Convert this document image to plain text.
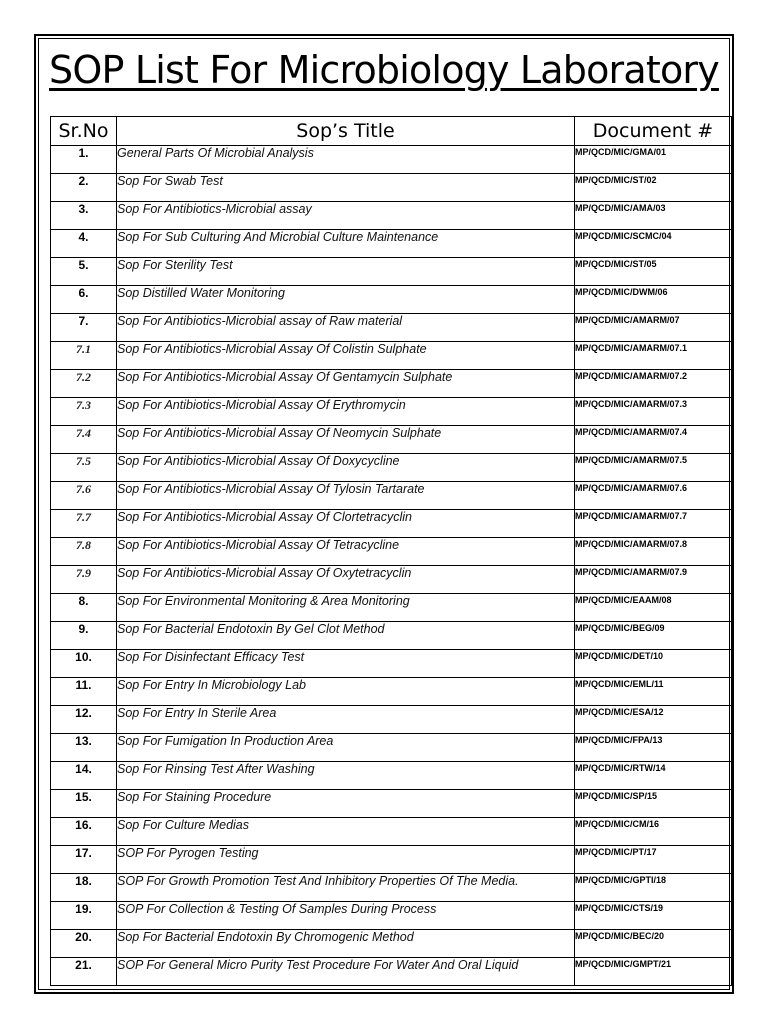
SOP List For Microbiology Laboratory
Sr.No	Sop’s Title	Document #
1.	General Parts Of Microbial Analysis	MP/QCD/MIC/GMA/01
2.	Sop For Swab Test	MP/QCD/MIC/ST/02
3.	Sop For Antibiotics-Microbial assay	MP/QCD/MIC/AMA/03
4.	Sop For Sub Culturing And Microbial Culture Maintenance	MP/QCD/MIC/SCMC/04
5.	Sop For Sterility Test	MP/QCD/MIC/ST/05
6.	Sop Distilled Water Monitoring	MP/QCD/MIC/DWM/06
7.	Sop For Antibiotics-Microbial assay of Raw material	MP/QCD/MIC/AMARM/07
7.1	Sop For Antibiotics-Microbial Assay Of Colistin Sulphate	MP/QCD/MIC/AMARM/07.1
7.2	Sop For Antibiotics-Microbial Assay Of Gentamycin Sulphate	MP/QCD/MIC/AMARM/07.2
7.3	Sop For Antibiotics-Microbial Assay Of Erythromycin	MP/QCD/MIC/AMARM/07.3
7.4	Sop For Antibiotics-Microbial Assay Of Neomycin Sulphate	MP/QCD/MIC/AMARM/07.4
7.5	Sop For Antibiotics-Microbial Assay Of Doxycycline	MP/QCD/MIC/AMARM/07.5
7.6	Sop For Antibiotics-Microbial Assay Of Tylosin Tartarate	MP/QCD/MIC/AMARM/07.6
7.7	Sop For Antibiotics-Microbial Assay Of Clortetracyclin	MP/QCD/MIC/AMARM/07.7
7.8	Sop For Antibiotics-Microbial Assay Of Tetracycline	MP/QCD/MIC/AMARM/07.8
7.9	Sop For Antibiotics-Microbial Assay Of Oxytetracyclin	MP/QCD/MIC/AMARM/07.9
8.	Sop For Environmental Monitoring & Area Monitoring	MP/QCD/MIC/EAAM/08
9.	Sop For Bacterial Endotoxin By Gel Clot Method	MP/QCD/MIC/BEG/09
10.	Sop For Disinfectant Efficacy Test	MP/QCD/MIC/DET/10
11.	Sop For Entry In Microbiology Lab	MP/QCD/MIC/EML/11
12.	Sop For Entry In Sterile Area	MP/QCD/MIC/ESA/12
13.	Sop For Fumigation In Production Area	MP/QCD/MIC/FPA/13
14.	Sop For Rinsing Test After Washing	MP/QCD/MIC/RTW/14
15.	Sop For Staining Procedure	MP/QCD/MIC/SP/15
16.	Sop For Culture Medias	MP/QCD/MIC/CM/16
17.	SOP For Pyrogen Testing	MP/QCD/MIC/PT/17
18.	SOP For Growth Promotion Test And Inhibitory Properties Of The Media.	MP/QCD/MIC/GPTI/18
19.	SOP For Collection & Testing Of Samples During Process	MP/QCD/MIC/CTS/19
20.	Sop For Bacterial Endotoxin By Chromogenic Method	MP/QCD/MIC/BEC/20
21.	SOP For General Micro Purity Test Procedure For Water And Oral Liquid	MP/QCD/MIC/GMPT/21
